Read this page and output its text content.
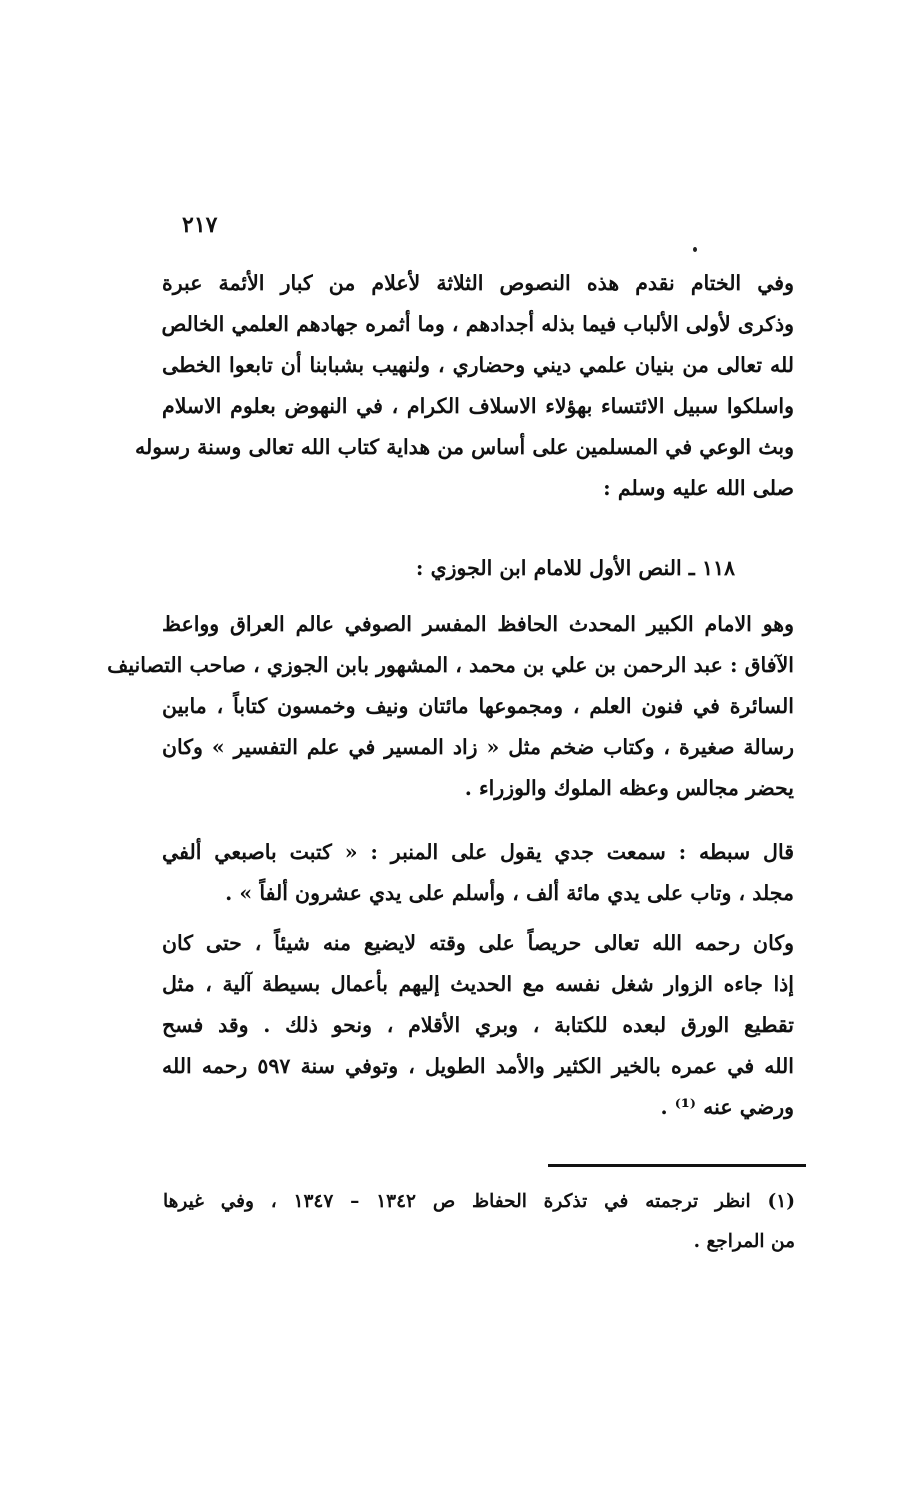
٢١٧
وفي الختام نقدم هذه النصوص الثلاثة لأعلام من كبار الأئمة عبرة
وذكرى لأولى الألباب فيما بذله أجدادهم ، وما أثمره جهادهم العلمي الخالص
لله تعالى من بنيان علمي ديني وحضاري ، ولنهيب بشبابنا أن تابعوا الخطى
واسلكوا سبيل الائتساء بهؤلاء الاسلاف الكرام ، في النهوض بعلوم الاسلام
وبث الوعي في المسلمين على أساس من هداية كتاب الله تعالى وسنة رسوله
صلى الله عليه وسلم :
١١٨ ـ النص الأول للامام ابن الجوزي :
وهو الامام الكبير المحدث الحافظ المفسر الصوفي عالم العراق وواعظ
الآفاق : عبد الرحمن بن علي بن محمد ، المشهور بابن الجوزي ، صاحب التصانيف
السائرة في فنون العلم ، ومجموعها مائتان ونيف وخمسون كتاباً ، مابين
رسالة صغيرة ، وكتاب ضخم مثل « زاد المسير في علم التفسير » وكان
يحضر مجالس وعظه الملوك والوزراء .
قال سبطه : سمعت جدي يقول على المنبر : « كتبت باصبعي ألفي
مجلد ، وتاب على يدي مائة ألف ، وأسلم على يدي عشرون ألفاً » .
وكان رحمه الله تعالى حريصاً على وقته لايضيع منه شيئاً ، حتى كان
إذا جاءه الزوار شغل نفسه مع الحديث إليهم بأعمال بسيطة آلية ، مثل
تقطيع الورق لبعده للكتابة ، وبري الأقلام ، ونحو ذلك . وقد فسح
الله في عمره بالخير الكثير والأمد الطويل ، وتوفي سنة ٥٩٧ رحمه الله
ورضي عنه ⁽¹⁾ .
(١) انظر ترجمته في تذكرة الحفاظ ص ١٣٤٢ – ١٣٤٧ ، وفي غيرها
من المراجع .
